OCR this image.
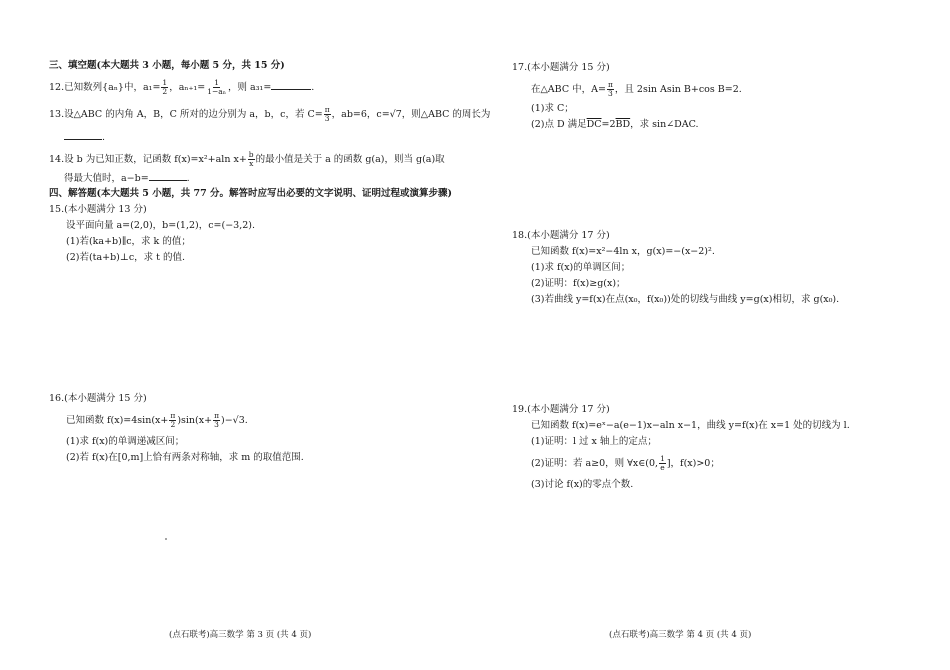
三、填空题(本大题共 3 小题，每小题 5 分，共 15 分)
12.已知数列{aₙ}中，$a_1= \frac{1}{2}$ ，$a_{n+1}= \frac{1}{\text{1−aₙ}}$ ，则 a₃₁=	.
13.设△ABC 的内角 A，B，C 所对的边分别为 a，b，c，若 $C= \frac{\pi}{3}$ ，ab=6，c=√7，则△ABC 的周长为
.
14.设 b 为已知正数，记函数 f(x)=x²+aln $x+ \frac{b}{x}$ 的最小值是关于 a 的函数 g(a)，则当 g(a)取
得最大值时，a−b=	.
四、解答题(本大题共 5 小题，共 77 分。解答时应写出必要的文字说明、证明过程或演算步骤)
15.(本小题满分 13 分)
设平面向量 a=(2,0)，b=(1,2)，c=(−3,2).
(1)若(ka+b)∥c，求 k 的值；
(2)若(ta+b)⊥c，求 t 的值.
16.(本小题满分 15 分)
已知函数 $f(x)=4\sin(x+ \frac{\pi}{2} )\sin(x+ \frac{\pi}{3} )-√3$.
(1)求 f(x)的单调递减区间；
(2)若 f(x)在[0,m]上恰有两条对称轴，求 m 的取值范围.
(点石联考)高三数学 第 3 页 (共 4 页)
17.(本小题满分 15 分)
在△ABC 中，$A= \frac{\pi}{3}$ ，且 2sin Asin B+cos B=2.
(1)求 C；
(2)点 D 满足$\overline{DC}=2\overline{BD}$，求 sin∠DAC.
18.(本小题满分 17 分)
已知函数 f(x)=x²−4ln x，g(x)=−(x−2)².
(1)求 f(x)的单调区间；
(2)证明：f(x)≥g(x)；
(3)若曲线 y=f(x)在点(x₀，f(x₀))处的切线与曲线 y=g(x)相切，求 g(x₀).
19.(本小题满分 17 分)
已知函数 f(x)=eˣ−a(e−1)x−aln x−1，曲线 y=f(x)在 x=1 处的切线为 l.
(1)证明：l 过 x 轴上的定点；
(2)证明：若 a≥0，则 ∀x∈(0, $\frac{1}{e}$ ]，f(x)>0；
(3)讨论 f(x)的零点个数.
(点石联考)高三数学 第 4 页 (共 4 页)
